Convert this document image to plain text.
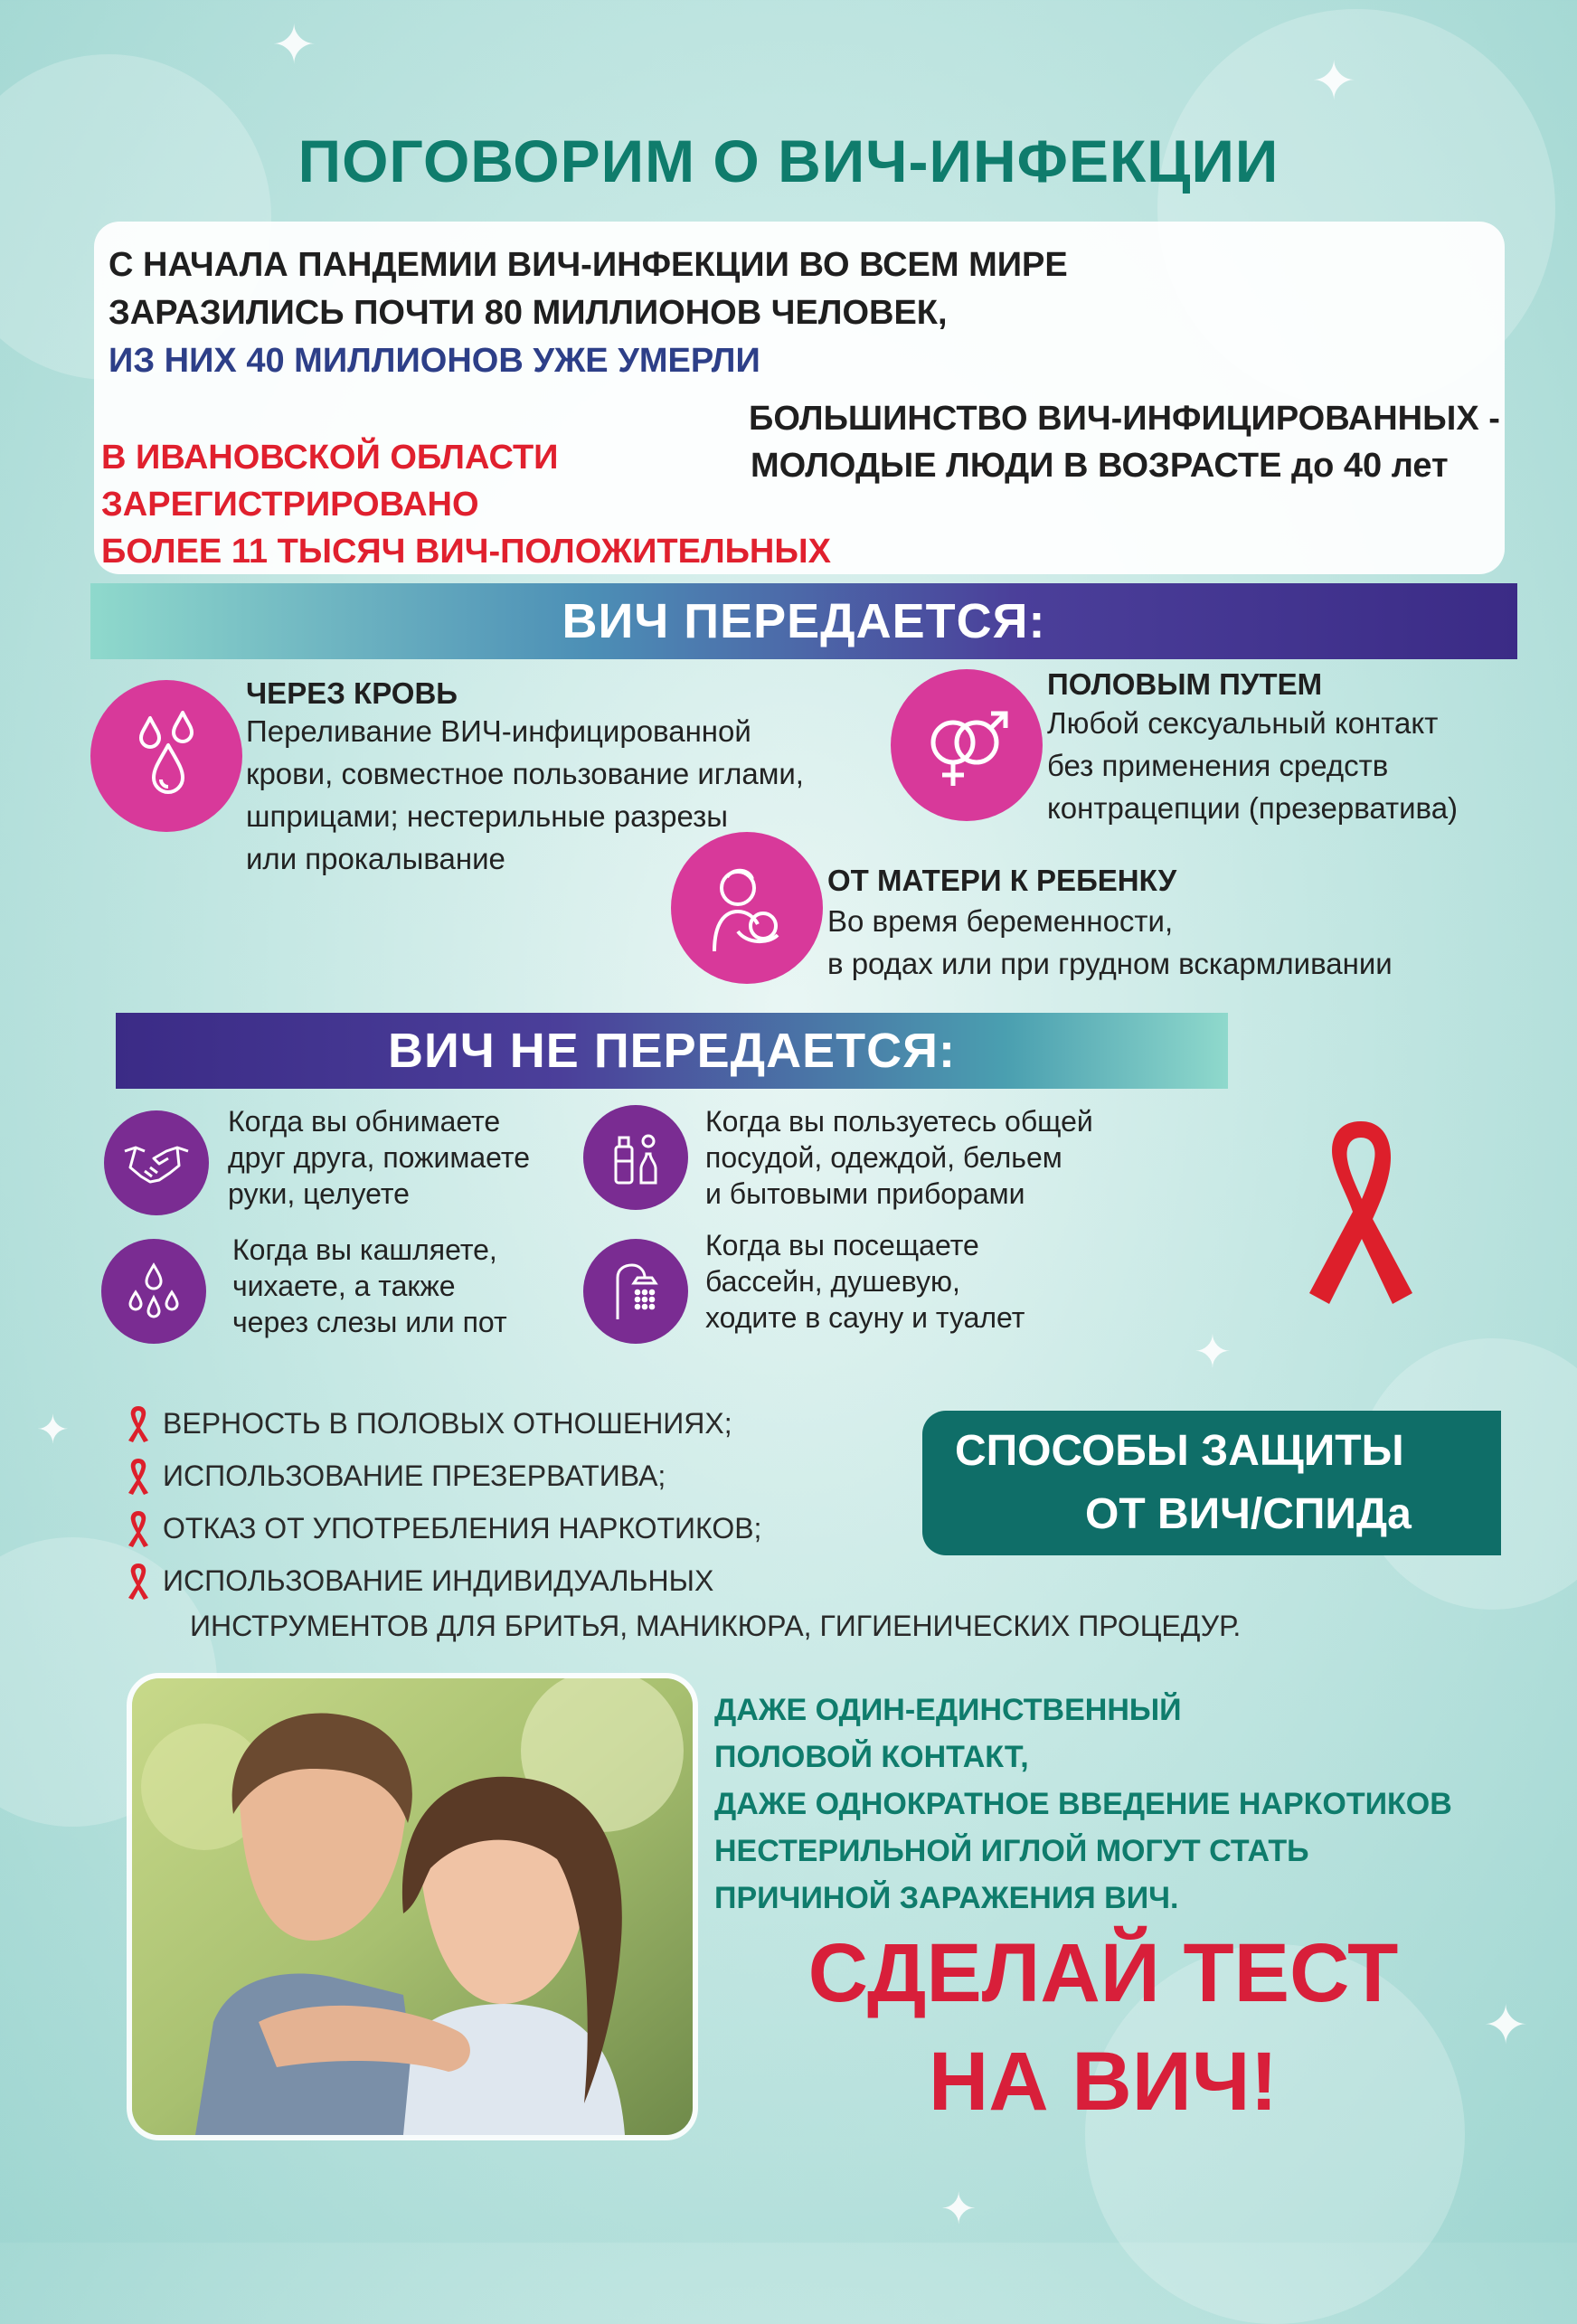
✦
✦
✦
✦
✦
✦
ПОГОВОРИМ О ВИЧ-ИНФЕКЦИИ
С НАЧАЛА ПАНДЕМИИ ВИЧ-ИНФЕКЦИИ ВО ВСЕМ МИРЕ
ЗАРАЗИЛИСЬ ПОЧТИ 80 МИЛЛИОНОВ ЧЕЛОВЕК,
ИЗ НИХ 40 МИЛЛИОНОВ УЖЕ УМЕРЛИ
В ИВАНОВСКОЙ ОБЛАСТИ
ЗАРЕГИСТРИРОВАНО
БОЛЕЕ 11 ТЫСЯЧ ВИЧ-ПОЛОЖИТЕЛЬНЫХ
БОЛЬШИНСТВО ВИЧ-ИНФИЦИРОВАННЫХ -
МОЛОДЫЕ ЛЮДИ В ВОЗРАСТЕ до 40 лет
ВИЧ ПЕРЕДАЕТСЯ:
ЧЕРЕЗ КРОВЬ
Переливание ВИЧ-инфицированной
крови, совместное пользование иглами,
шприцами; нестерильные разрезы
или прокалывание
ПОЛОВЫМ ПУТЕМ
Любой сексуальный контакт
без применения средств
контрацепции (презерватива)
ОТ МАТЕРИ К РЕБЕНКУ
Во время беременности,
в родах или при грудном вскармливании
ВИЧ НЕ ПЕРЕДАЕТСЯ:
Когда вы обнимаете
друг друга, пожимаете
руки, целуете
Когда вы пользуетесь общей
посудой, одеждой, бельем
и бытовыми приборами
Когда вы кашляете,
чихаете, а также
через слезы или пот
Когда вы посещаете
бассейн, душевую,
ходите в сауну и туалет
ВЕРНОСТЬ В ПОЛОВЫХ ОТНОШЕНИЯХ;
ИСПОЛЬЗОВАНИЕ ПРЕЗЕРВАТИВА;
ОТКАЗ ОТ УПОТРЕБЛЕНИЯ НАРКОТИКОВ;
ИСПОЛЬЗОВАНИЕ ИНДИВИДУАЛЬНЫХ
ИНСТРУМЕНТОВ ДЛЯ БРИТЬЯ, МАНИКЮРА, ГИГИЕНИЧЕСКИХ ПРОЦЕДУР.
СПОСОБЫ ЗАЩИТЫ
ОТ ВИЧ/СПИДа
ДАЖЕ ОДИН-ЕДИНСТВЕННЫЙ
ПОЛОВОЙ КОНТАКТ,
ДАЖЕ ОДНОКРАТНОЕ ВВЕДЕНИЕ НАРКОТИКОВ
НЕСТЕРИЛЬНОЙ ИГЛОЙ МОГУТ СТАТЬ
ПРИЧИНОЙ ЗАРАЖЕНИЯ ВИЧ.
СДЕЛАЙ ТЕСТ
НА ВИЧ!
